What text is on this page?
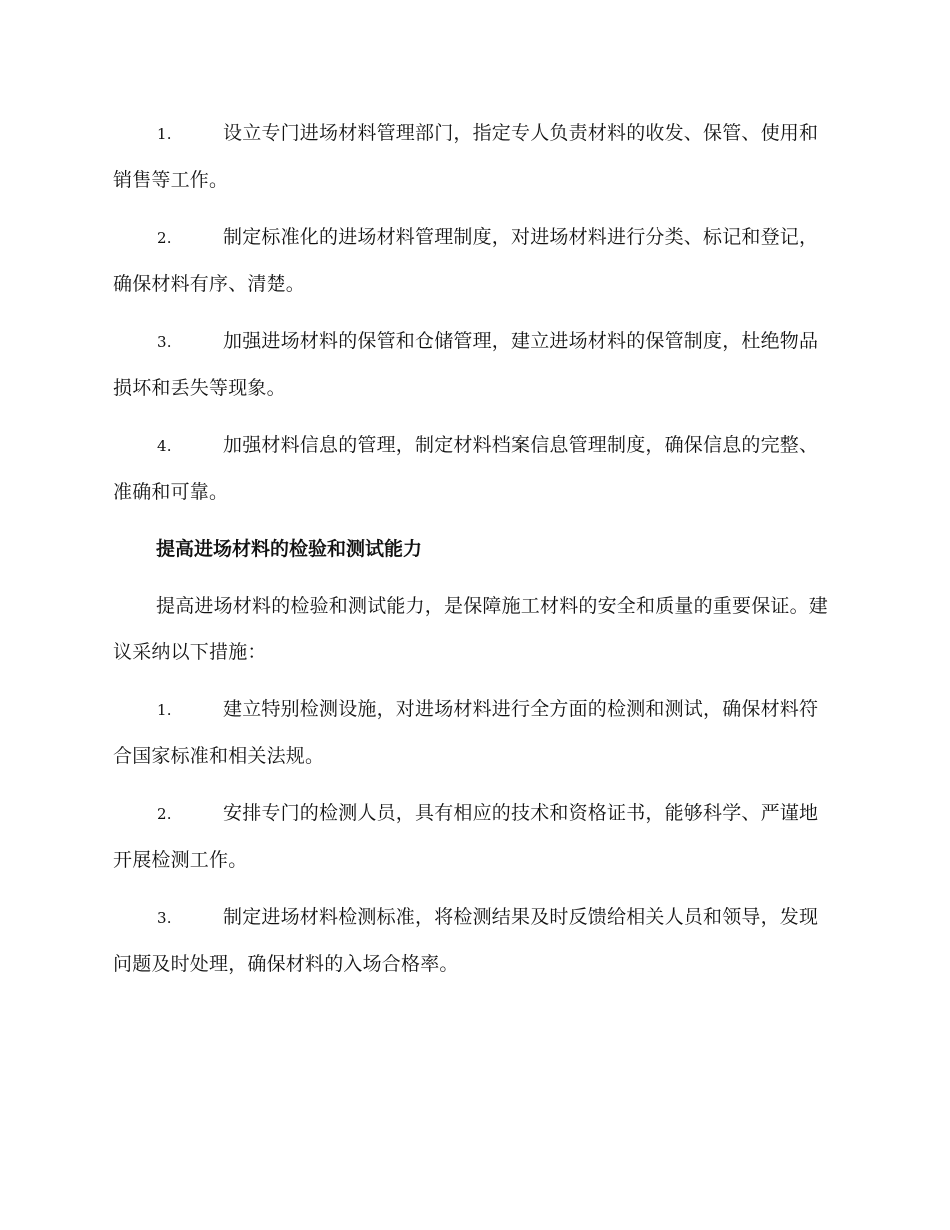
1.	设立专门进场材料管理部门，指定专人负责材料的收发、保管、使用和销售等工作。
2.	制定标准化的进场材料管理制度，对进场材料进行分类、标记和登记，确保材料有序、清楚。
3.	加强进场材料的保管和仓储管理，建立进场材料的保管制度，杜绝物品损坏和丢失等现象。
4.	加强材料信息的管理，制定材料档案信息管理制度，确保信息的完整、准确和可靠。
提高进场材料的检验和测试能力
提高进场材料的检验和测试能力，是保障施工材料的安全和质量的重要保证。建议采纳以下措施：
1.	建立特别检测设施，对进场材料进行全方面的检测和测试，确保材料符合国家标准和相关法规。
2.	安排专门的检测人员，具有相应的技术和资格证书，能够科学、严谨地开展检测工作。
3.	制定进场材料检测标准，将检测结果及时反馈给相关人员和领导，发现问题及时处理，确保材料的入场合格率。
